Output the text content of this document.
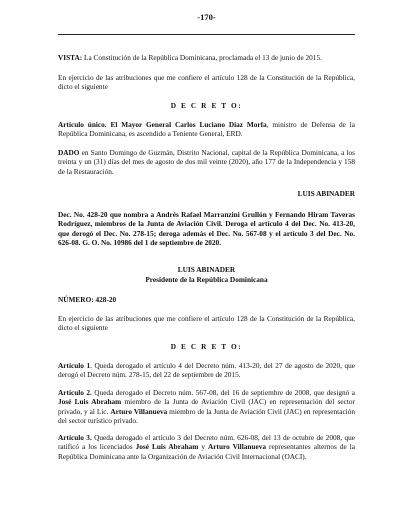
-170-
VISTA: La Constitución de la República Dominicana, proclamada el 13 de junio de 2015.
En ejercicio de las atribuciones que me confiere el artículo 128 de la Constitución de la República, dicto el siguiente
D E C R E T O:
Artículo único. El Mayor General Carlos Luciano Díaz Morfa, ministro de Defensa de la República Dominicana, es ascendido a Teniente General, ERD.
DADO en Santo Domingo de Guzmán, Distrito Nacional, capital de la República Dominicana, a los treinta y un (31) días del mes de agosto de dos mil veinte (2020), año 177 de la Independencia y 158 de la Restauración.
LUIS ABINADER
Dec. No. 428-20 que nombra a Andrés Rafael Marranzini Grullón y Fernando Hiram Taveras Rodríguez, miembros de la Junta de Aviación Civil. Deroga el artículo 4 del Dec. No. 413-20, que derogó el Dec. No. 278-15; deroga además el Dec. No. 567-08 y el artículo 3 del Dec. No. 626-08. G. O. No. 10986 del 1 de septiembre de 2020.
LUIS ABINADER
Presidente de la República Dominicana
NÚMERO: 428-20
En ejercicio de las atribuciones que me confiere el artículo 128 de la Constitución de la República, dicto el siguiente
D E C R E T O:
Artículo 1. Queda derogado el artículo 4 del Decreto núm. 413-20, del 27 de agosto de 2020, que derogó el Decreto núm. 278-15, del 22 de septiembre de 2015.
Artículo 2. Queda derogado el Decreto núm. 567-08, del 16 de septiembre de 2008, que designó a José Luis Abraham miembro de la Junta de Aviación Civil (JAC) en representación del sector privado, y al Lic. Arturo Villanueva miembro de la Junta de Aviación Civil (JAC) en representación del sector turístico privado.
Artículo 3. Queda derogado el artículo 3 del Decreto núm. 626-08, del 13 de octubre de 2008, que ratificó a los licenciados José Luis Abraham y Arturo Villanueva representantes alternos de la República Dominicana ante la Organización de Aviación Civil Internacional (OACI).
